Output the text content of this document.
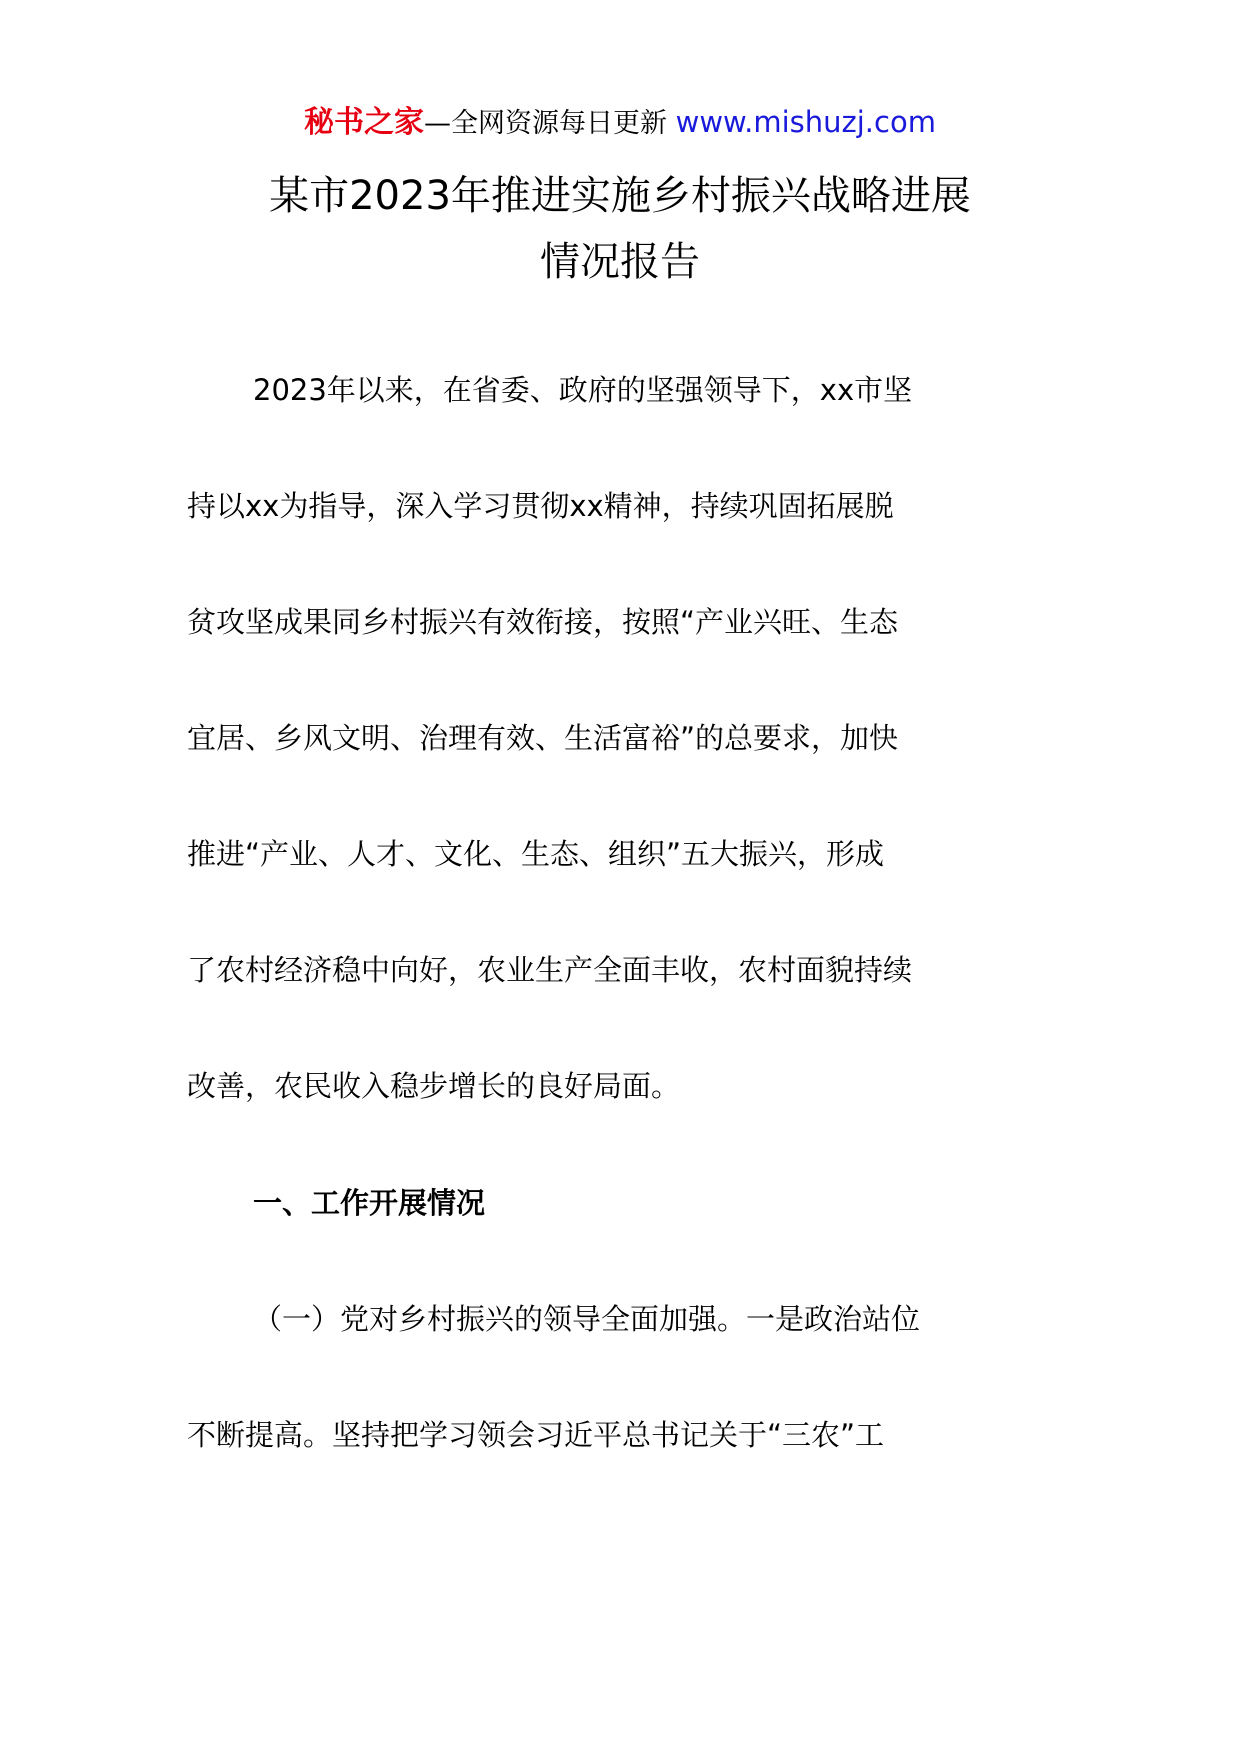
秘书之家—全网资源每日更新 www.mishuzj.com
某市2023年推进实施乡村振兴战略进展
情况报告
2023年以来，在省委、政府的坚强领导下，xx市坚
持以xx为指导，深入学习贯彻xx精神，持续巩固拓展脱
贫攻坚成果同乡村振兴有效衔接，按照“产业兴旺、生态
宜居、乡风文明、治理有效、生活富裕”的总要求，加快
推进“产业、人才、文化、生态、组织”五大振兴，形成
了农村经济稳中向好，农业生产全面丰收，农村面貌持续
改善，农民收入稳步增长的良好局面。
一、工作开展情况
（一）党对乡村振兴的领导全面加强。一是政治站位
不断提高。坚持把学习领会习近平总书记关于“三农”工
